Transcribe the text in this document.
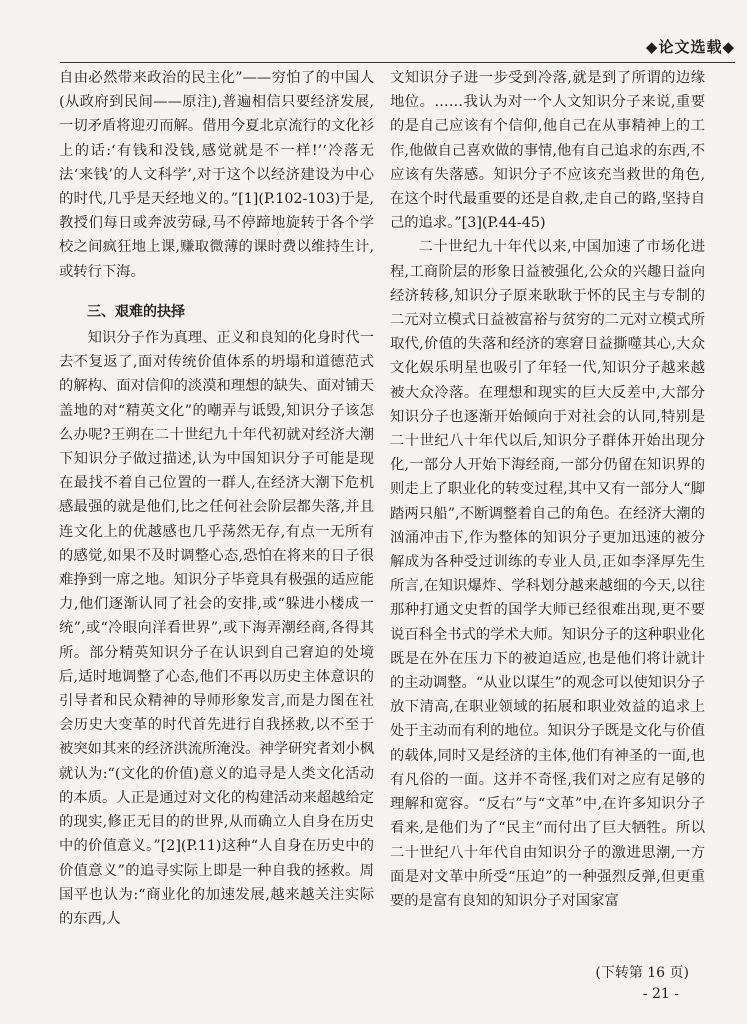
◆论文选载◆

自由必然带来政治的民主化”——穷怕了的中国人(从政府到民间——原注),普遍相信只要经济发展,一切矛盾将迎刃而解。借用今夏北京流行的文化衫上的话:‘有钱和没钱,感觉就是不一样!’‘冷落无法‘来钱’的人文科学’,对于这个以经济建设为中心的时代,几乎是天经地义的。”[1](P.102-103)于是,教授们每日或奔波劳碌,马不停蹄地旋转于各个学校之间疯狂地上课,赚取微薄的课时费以维持生计,或转行下海。

三、艰难的抉择

知识分子作为真理、正义和良知的化身时代一去不复返了,面对传统价值体系的坍塌和道德范式的解构、面对信仰的淡漠和理想的缺失、面对铺天盖地的对“精英文化”的嘲弄与诋毁,知识分子该怎么办呢?王朔在二十世纪九十年代初就对经济大潮下知识分子做过描述,认为中国知识分子可能是现在最找不着自己位置的一群人,在经济大潮下危机感最强的就是他们,比之任何社会阶层都失落,并且连文化上的优越感也几乎荡然无存,有点一无所有的感觉,如果不及时调整心态,恐怕在将来的日子很难挣到一席之地。知识分子毕竟具有极强的适应能力,他们逐渐认同了社会的安排,或“躲进小楼成一统”,或“冷眼向洋看世界”,或下海弄潮经商,各得其所。部分精英知识分子在认识到自己窘迫的处境后,适时地调整了心态,他们不再以历史主体意识的引导者和民众精神的导师形象发言,而是力图在社会历史大变革的时代首先进行自我拯救,以不至于被突如其来的经济洪流所淹没。神学研究者刘小枫就认为:“(文化的价值)意义的追寻是人类文化活动的本质。人正是通过对文化的构建活动来超越给定的现实,修正无目的的世界,从而确立人自身在历史中的价值意义。”[2](P.11)这种“人自身在历史中的价值意义”的追寻实际上即是一种自我的拯救。周国平也认为:“商业化的加速发展,越来越关注实际的东西,人

文知识分子进一步受到冷落,就是到了所谓的边缘地位。……我认为对一个人文知识分子来说,重要的是自己应该有个信仰,他自己在从事精神上的工作,他做自己喜欢做的事情,他有自己追求的东西,不应该有失落感。知识分子不应该充当救世的角色,在这个时代最重要的还是自救,走自己的路,坚持自己的追求。”[3](P.44-45)

二十世纪九十年代以来,中国加速了市场化进程,工商阶层的形象日益被强化,公众的兴趣日益向经济转移,知识分子原来耿耿于怀的民主与专制的二元对立模式日益被富裕与贫穷的二元对立模式所取代,价值的失落和经济的寒窘日益撕噬其心,大众文化娱乐明星也吸引了年轻一代,知识分子越来越被大众冷落。在理想和现实的巨大反差中,大部分知识分子也逐渐开始倾向于对社会的认同,特别是二十世纪八十年代以后,知识分子群体开始出现分化,一部分人开始下海经商,一部分仍留在知识界的则走上了职业化的转变过程,其中又有一部分人“脚踏两只船”,不断调整着自己的角色。在经济大潮的汹涌冲击下,作为整体的知识分子更加迅速的被分解成为各种受过训练的专业人员,正如李泽厚先生所言,在知识爆炸、学科划分越来越细的今天,以往那种打通文史哲的国学大师已经很难出现,更不要说百科全书式的学术大师。知识分子的这种职业化既是在外在压力下的被迫适应,也是他们将计就计的主动调整。“从业以谋生”的观念可以使知识分子放下清高,在职业领域的拓展和职业效益的追求上处于主动而有利的地位。知识分子既是文化与价值的载体,同时又是经济的主体,他们有神圣的一面,也有凡俗的一面。这并不奇怪,我们对之应有足够的理解和宽容。“反右”与“文革”中,在许多知识分子看来,是他们为了“民主”而付出了巨大牺牲。所以二十世纪八十年代自由知识分子的激进思潮,一方面是对文革中所受“压迫”的一种强烈反弹,但更重要的是富有良知的知识分子对国家富

(下转第 16 页)
- 21 -
